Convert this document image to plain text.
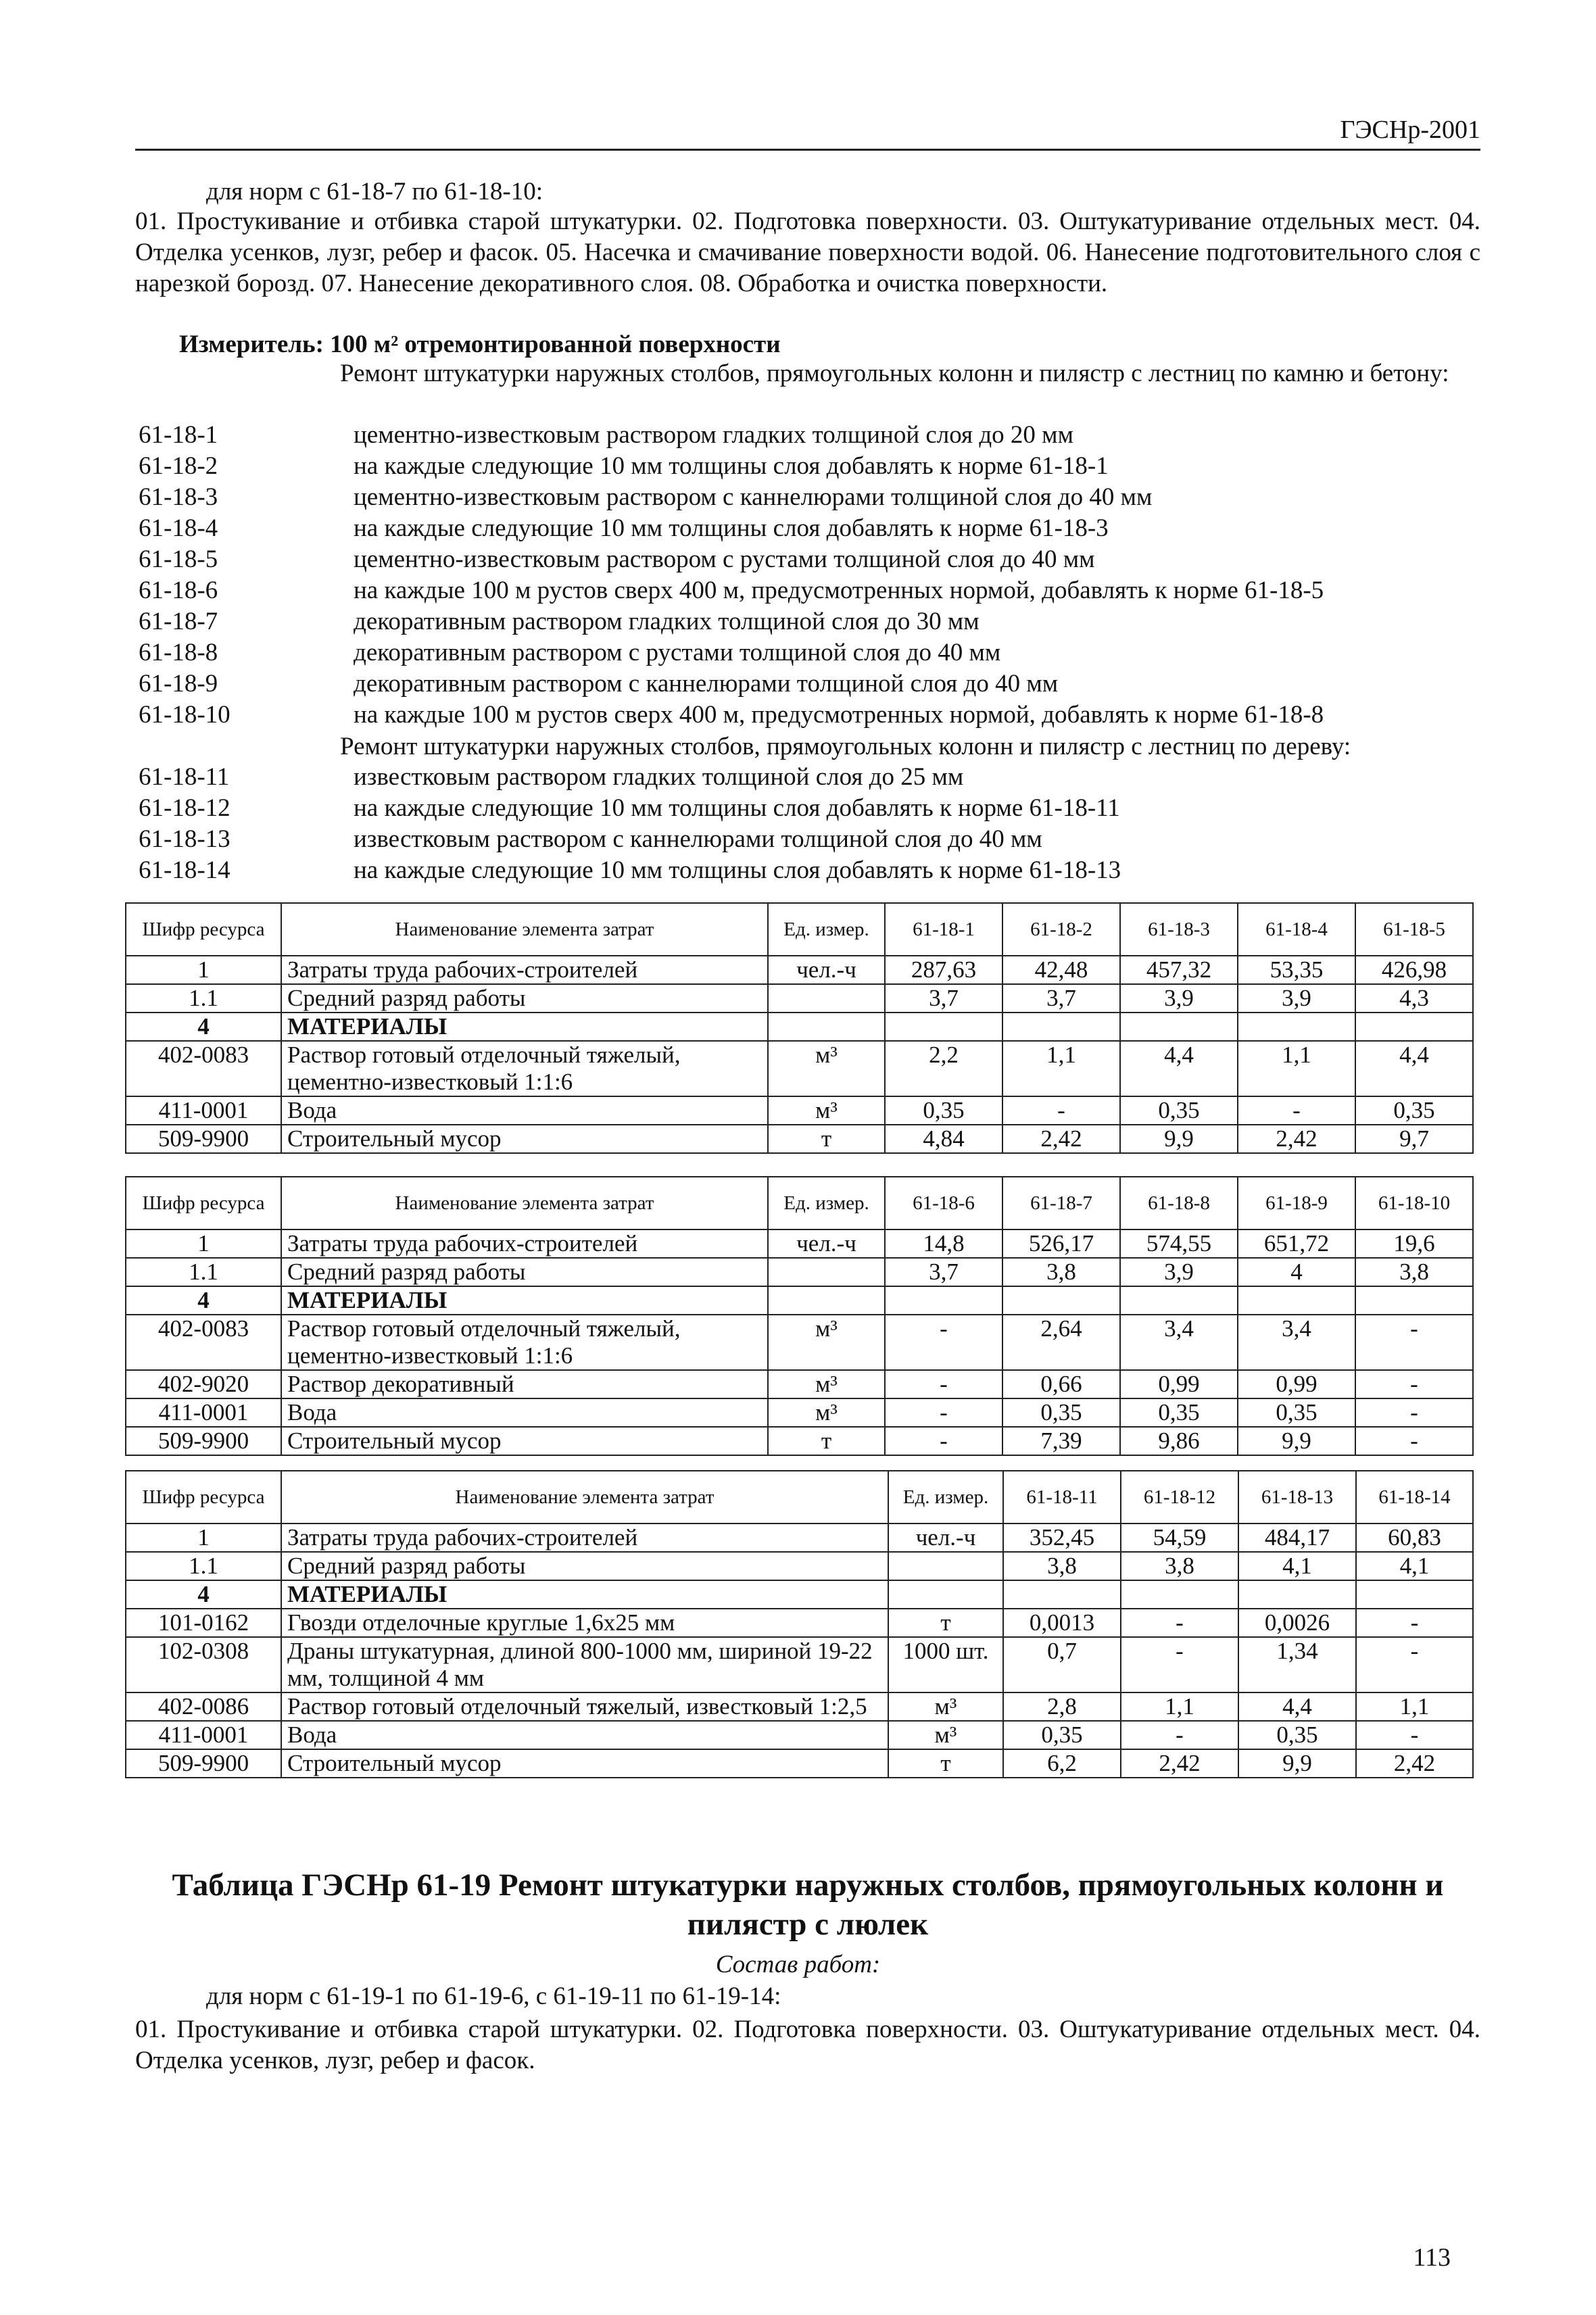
ГЭСНр-2001
для норм с 61-18-7 по 61-18-10:
01. Простукивание и отбивка старой штукатурки. 02. Подготовка поверхности. 03. Оштукатуривание отдельных мест. 04. Отделка усенков, лузг, ребер и фасок. 05. Насечка и смачивание поверхности водой. 06. Нанесение подготовительного слоя с нарезкой борозд. 07. Нанесение декоративного слоя. 08. Обработка и очистка поверхности.
Измеритель: 100 м² отремонтированной поверхности
Ремонт штукатурки наружных столбов, прямоугольных колонн и пилястр с лестниц по камню и бетону:
61-18-1	цементно-известковым раствором гладких толщиной слоя до 20 мм
61-18-2	на каждые следующие 10 мм толщины слоя добавлять к норме 61-18-1
61-18-3	цементно-известковым раствором с каннелюрами толщиной слоя до 40 мм
61-18-4	на каждые следующие 10 мм толщины слоя добавлять к норме 61-18-3
61-18-5	цементно-известковым раствором с рустами толщиной слоя до 40 мм
61-18-6	на каждые 100 м рустов сверх 400 м, предусмотренных нормой, добавлять к норме 61-18-5
61-18-7	декоративным раствором гладких толщиной слоя до 30 мм
61-18-8	декоративным раствором с рустами толщиной слоя до 40 мм
61-18-9	декоративным раствором с каннелюрами толщиной слоя до 40 мм
61-18-10	на каждые 100 м рустов сверх 400 м, предусмотренных нормой, добавлять к норме 61-18-8
Ремонт штукатурки наружных столбов, прямоугольных колонн и пилястр с лестниц по дереву:
61-18-11	известковым раствором гладких толщиной слоя до 25 мм
61-18-12	на каждые следующие 10 мм толщины слоя добавлять к норме 61-18-11
61-18-13	известковым раствором с каннелюрами толщиной слоя до 40 мм
61-18-14	на каждые следующие 10 мм толщины слоя добавлять к норме 61-18-13
Шифр ресурса	Наименование элемента затрат	Ед. измер.	61-18-1	61-18-2	61-18-3	61-18-4	61-18-5
1	Затраты труда рабочих-строителей	чел.-ч	287,63	42,48	457,32	53,35	426,98
1.1	Средний разряд работы		3,7	3,7	3,9	3,9	4,3
4	МАТЕРИАЛЫ						
402-0083	Раствор готовый отделочный тяжелый, цементно-известковый 1:1:6	м³	2,2	1,1	4,4	1,1	4,4
411-0001	Вода	м³	0,35	-	0,35	-	0,35
509-9900	Строительный мусор	т	4,84	2,42	9,9	2,42	9,7
Шифр ресурса	Наименование элемента затрат	Ед. измер.	61-18-6	61-18-7	61-18-8	61-18-9	61-18-10
1	Затраты труда рабочих-строителей	чел.-ч	14,8	526,17	574,55	651,72	19,6
1.1	Средний разряд работы		3,7	3,8	3,9	4	3,8
4	МАТЕРИАЛЫ						
402-0083	Раствор готовый отделочный тяжелый, цементно-известковый 1:1:6	м³	-	2,64	3,4	3,4	-
402-9020	Раствор декоративный	м³	-	0,66	0,99	0,99	-
411-0001	Вода	м³	-	0,35	0,35	0,35	-
509-9900	Строительный мусор	т	-	7,39	9,86	9,9	-
Шифр ресурса	Наименование элемента затрат	Ед. измер.	61-18-11	61-18-12	61-18-13	61-18-14
1	Затраты труда рабочих-строителей	чел.-ч	352,45	54,59	484,17	60,83
1.1	Средний разряд работы		3,8	3,8	4,1	4,1
4	МАТЕРИАЛЫ					
101-0162	Гвозди отделочные круглые 1,6х25 мм	т	0,0013	-	0,0026	-
102-0308	Драны штукатурная, длиной 800-1000 мм, шириной 19-22 мм, толщиной 4 мм	1000 шт.	0,7	-	1,34	-
402-0086	Раствор готовый отделочный тяжелый, известковый 1:2,5	м³	2,8	1,1	4,4	1,1
411-0001	Вода	м³	0,35	-	0,35	-
509-9900	Строительный мусор	т	6,2	2,42	9,9	2,42
Таблица ГЭСНр 61-19 Ремонт штукатурки наружных столбов, прямоугольных колонн и пилястр с люлек
Состав работ:
для норм с 61-19-1 по 61-19-6, с 61-19-11 по 61-19-14:
01. Простукивание и отбивка старой штукатурки. 02. Подготовка поверхности. 03. Оштукатуривание отдельных мест. 04. Отделка усенков, лузг, ребер и фасок.
113
